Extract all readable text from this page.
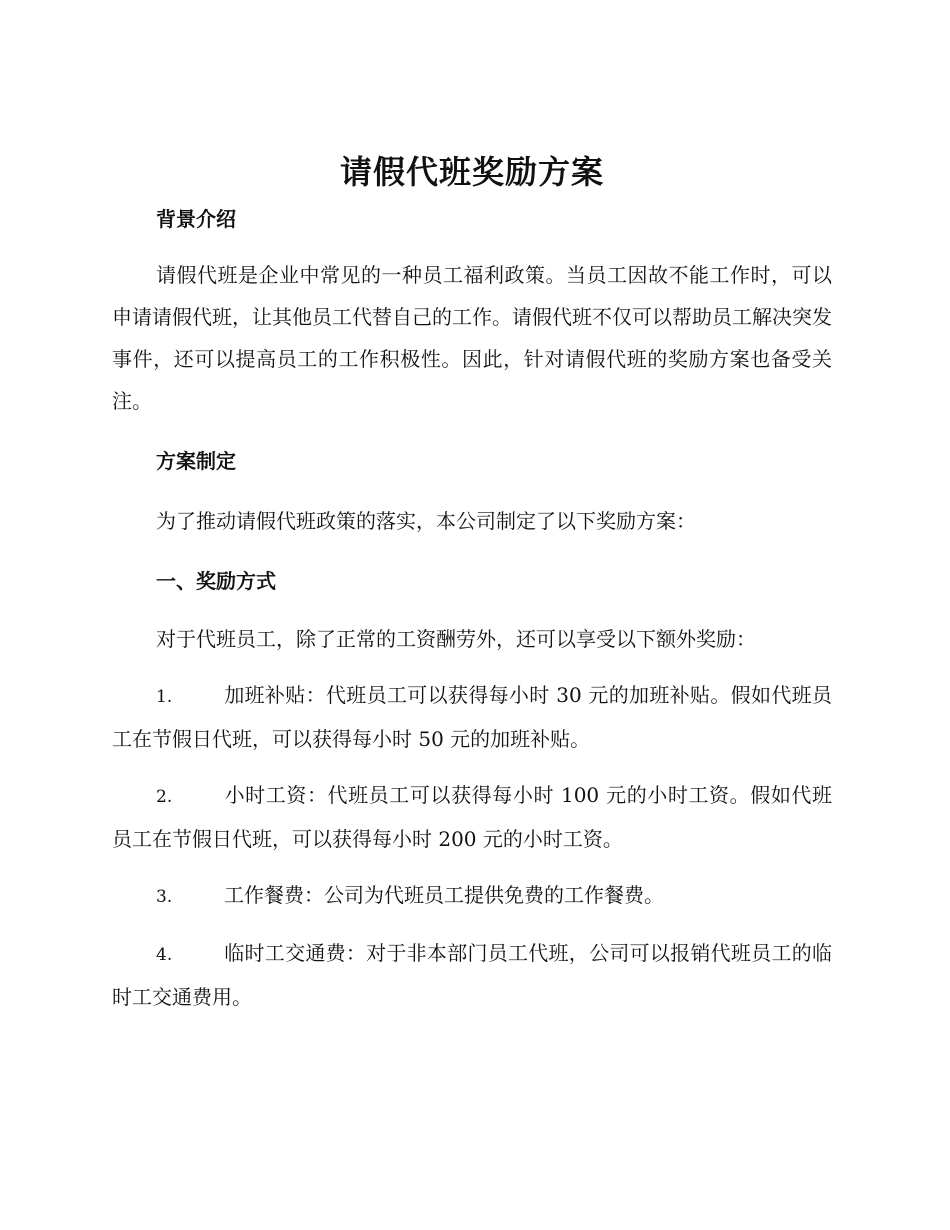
请假代班奖励方案
背景介绍

请假代班是企业中常见的一种员工福利政策。当员工因故不能工作时，可以申请请假代班，让其他员工代替自己的工作。请假代班不仅可以帮助员工解决突发事件，还可以提高员工的工作积极性。因此，针对请假代班的奖励方案也备受关注。

方案制定

为了推动请假代班政策的落实，本公司制定了以下奖励方案：

一、奖励方式

对于代班员工，除了正常的工资酬劳外，还可以享受以下额外奖励：

1.	加班补贴：代班员工可以获得每小时 30 元的加班补贴。假如代班员工在节假日代班，可以获得每小时 50 元的加班补贴。

2.	小时工资：代班员工可以获得每小时 100 元的小时工资。假如代班员工在节假日代班，可以获得每小时 200 元的小时工资。

3.	工作餐费：公司为代班员工提供免费的工作餐费。

4.	临时工交通费：对于非本部门员工代班，公司可以报销代班员工的临时工交通费用。
